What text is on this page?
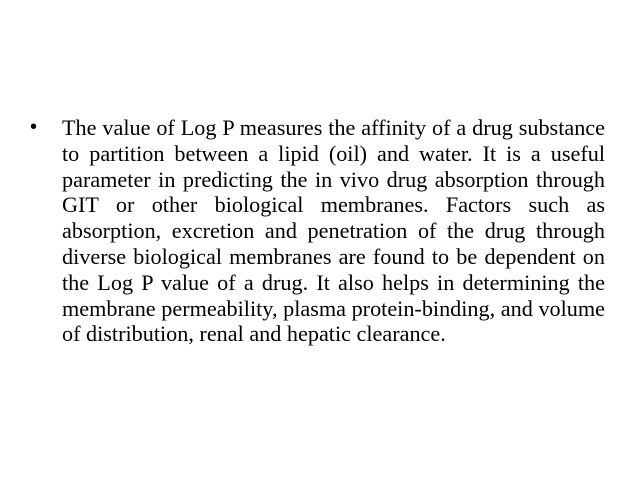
• The value of Log P measures the affinity of a drug substance to partition between a lipid (oil) and water. It is a useful parameter in predicting the in vivo drug absorption through GIT or other biological membranes. Factors such as absorption, excretion and penetration of the drug through diverse biological membranes are found to be dependent on the Log P value of a drug. It also helps in determining the membrane permeability, plasma protein-binding, and volume of distribution, renal and hepatic clearance.
